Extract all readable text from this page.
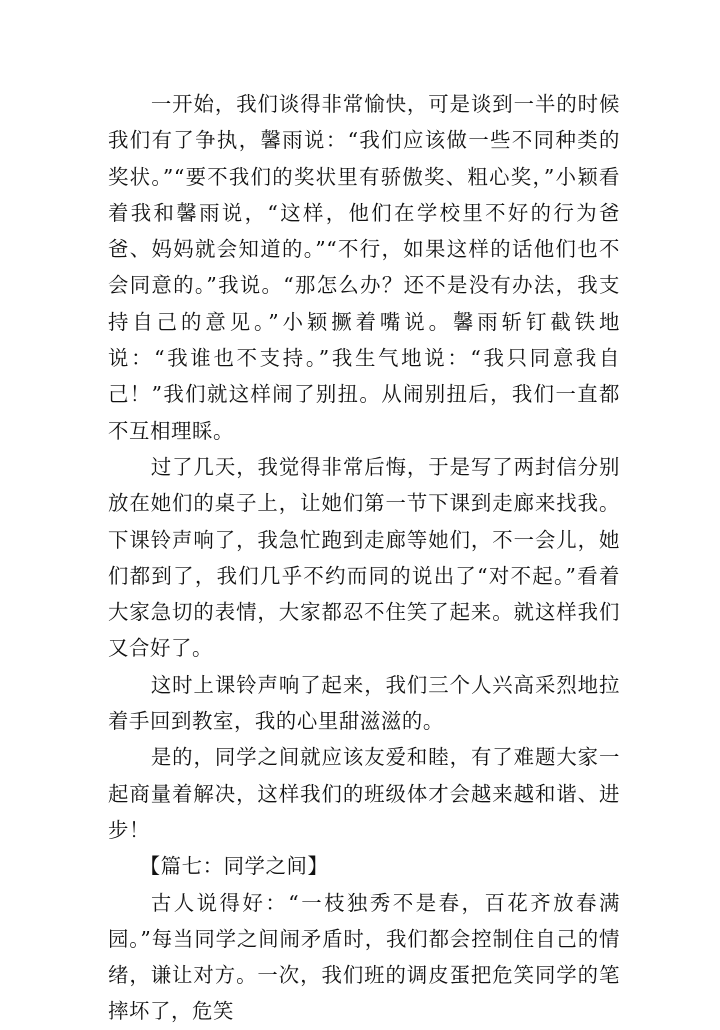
一开始，我们谈得非常愉快，可是谈到一半的时候我们有了争执，馨雨说：“我们应该做一些不同种类的奖状。”“要不我们的奖状里有骄傲奖、粗心奖，”小颖看着我和馨雨说，“这样，他们在学校里不好的行为爸爸、妈妈就会知道的。”“不行，如果这样的话他们也不会同意的。”我说。“那怎么办？还不是没有办法，我支持自己的意见。”小颖撅着嘴说。馨雨斩钉截铁地说：“我谁也不支持。”我生气地说：“我只同意我自己！”我们就这样闹了别扭。从闹别扭后，我们一直都不互相理睬。

过了几天，我觉得非常后悔，于是写了两封信分别放在她们的桌子上，让她们第一节下课到走廊来找我。下课铃声响了，我急忙跑到走廊等她们，不一会儿，她们都到了，我们几乎不约而同的说出了“对不起。”看着大家急切的表情，大家都忍不住笑了起来。就这样我们又合好了。

这时上课铃声响了起来，我们三个人兴高采烈地拉着手回到教室，我的心里甜滋滋的。

是的，同学之间就应该友爱和睦，有了难题大家一起商量着解决，这样我们的班级体才会越来越和谐、进步！

【篇七：同学之间】

古人说得好：“一枝独秀不是春，百花齐放春满园。”每当同学之间闹矛盾时，我们都会控制住自己的情绪，谦让对方。一次，我们班的调皮蛋把危笑同学的笔摔坏了，危笑
